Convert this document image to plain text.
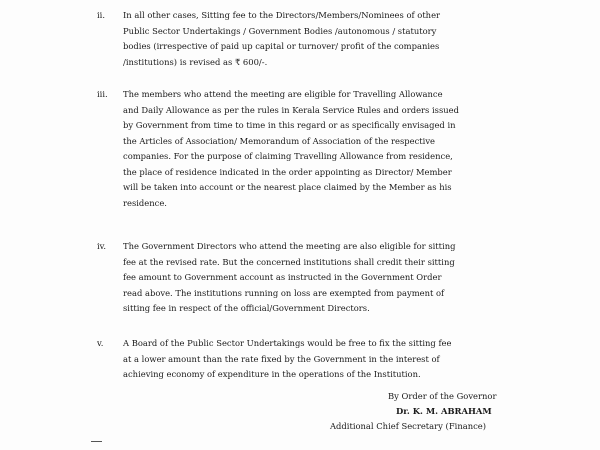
ii.	In all other cases, Sitting fee to the Directors/Members/Nominees of other
Public Sector Undertakings / Government Bodies /autonomous / statutory
bodies (irrespective of paid up capital or turnover/ profit of the companies
/institutions) is revised as ₹ 600/-.
iii.	The members who attend the meeting are eligible for Travelling Allowance
and Daily Allowance as per the rules in Kerala Service Rules and orders issued
by Government from time to time in this regard or as specifically envisaged in
the Articles of Association/ Memorandum of Association of the respective
companies. For the purpose of claiming Travelling Allowance from residence,
the place of residence indicated in the order appointing as Director/ Member
will be taken into account or the nearest place claimed by the Member as his
residence.
iv.	The Government Directors who attend the meeting are also eligible for sitting
fee at the revised rate. But the concerned institutions shall credit their sitting
fee amount to Government account as instructed in the Government Order
read above. The institutions running on loss are exempted from payment of
sitting fee in respect of the official/Government Directors.
v.	A Board of the Public Sector Undertakings would be free to fix the sitting fee
at a lower amount than the rate fixed by the Government in the interest of
achieving economy of expenditure in the operations of the Institution.
By Order of the Governor
Dr. K. M. ABRAHAM
Additional Chief Secretary (Finance)
